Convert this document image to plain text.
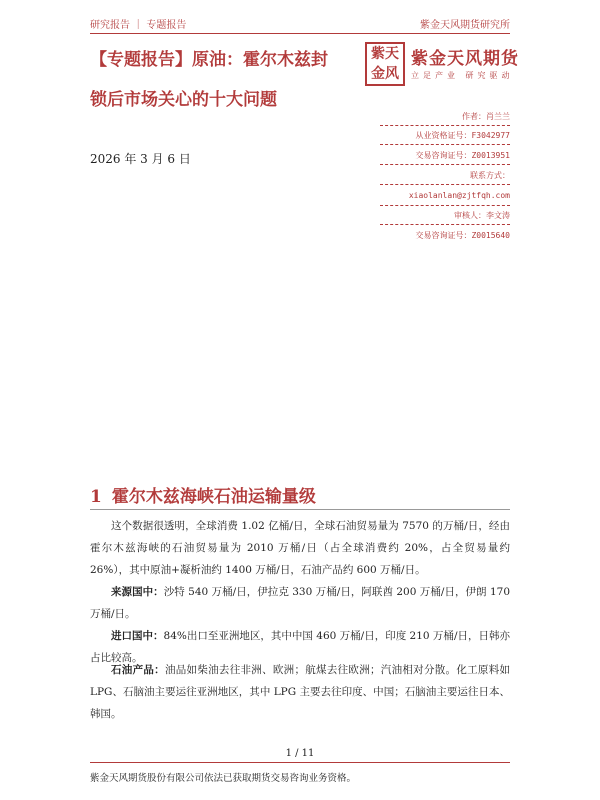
研究报告 ｜ 专题报告	紫金天风期货研究所
【专题报告】原油：霍尔木兹封
锁后市场关心的十大问题
紫天
金风
紫金天风期货
立足产业 研究驱动
2026 年 3 月 6 日
作者：肖兰兰
从业资格证号：F3042977
交易咨询证号：Z0013951
联系方式：
xiaolanlan@zjtfqh.com
审核人：李文涛
交易咨询证号：Z0015640
1 霍尔木兹海峡石油运输量级
这个数据很透明，全球消费 1.02 亿桶/日，全球石油贸易量为 7570 的万桶/日，经由霍尔木兹海峡的石油贸易量为 2010 万桶/日（占全球消费约 20%，占全贸易量约 26%），其中原油+凝析油约 1400 万桶/日，石油产品约 600 万桶/日。
来源国中：沙特 540 万桶/日，伊拉克 330 万桶/日，阿联酋 200 万桶/日，伊朗 170 万桶/日。
进口国中：84%出口至亚洲地区，其中中国 460 万桶/日，印度 210 万桶/日，日韩亦占比较高。
石油产品：油品如柴油去往非洲、欧洲；航煤去往欧洲；汽油相对分散。化工原料如 LPG、石脑油主要运往亚洲地区，其中 LPG 主要去往印度、中国；石脑油主要运往日本、韩国。
1 / 11
紫金天风期货股份有限公司依法已获取期货交易咨询业务资格。
